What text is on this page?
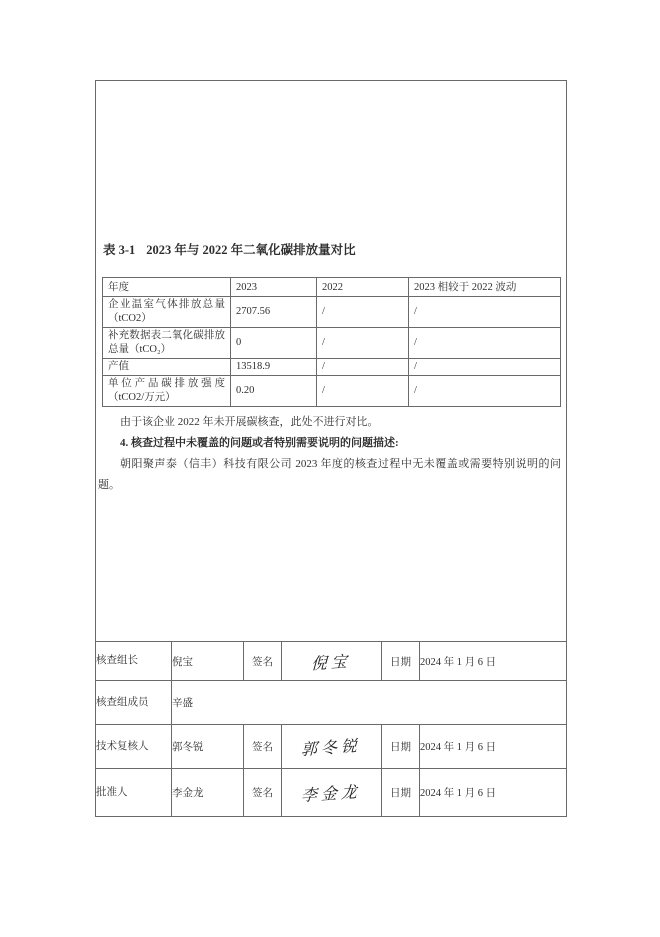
表 3-1 2023 年与 2022 年二氧化碳排放量对比
年度	2023	2022	2023 相较于 2022 波动
企业温室气体排放总量（tCO2）	2707.56	/	/
补充数据表二氧化碳排放总量（tCO₂）	0	/	/
产值	13518.9	/	/
单位产品碳排放强度（tCO2/万元）	0.20	/	/

由于该企业 2022 年未开展碳核查，此处不进行对比。

4. 核查过程中未覆盖的问题或者特别需要说明的问题描述:

朝阳聚声泰（信丰）科技有限公司 2023 年度的核查过程中无未覆盖或需要特别说明的问题。

核查组长	倪宝	签名	倪宝	日期	2024 年 1 月 6 日
核查组成员	辛盛
技术复核人	郭冬锐	签名	郭冬锐	日期	2024 年 1 月 6 日
批准人	李金龙	签名	李金龙	日期	2024 年 1 月 6 日
